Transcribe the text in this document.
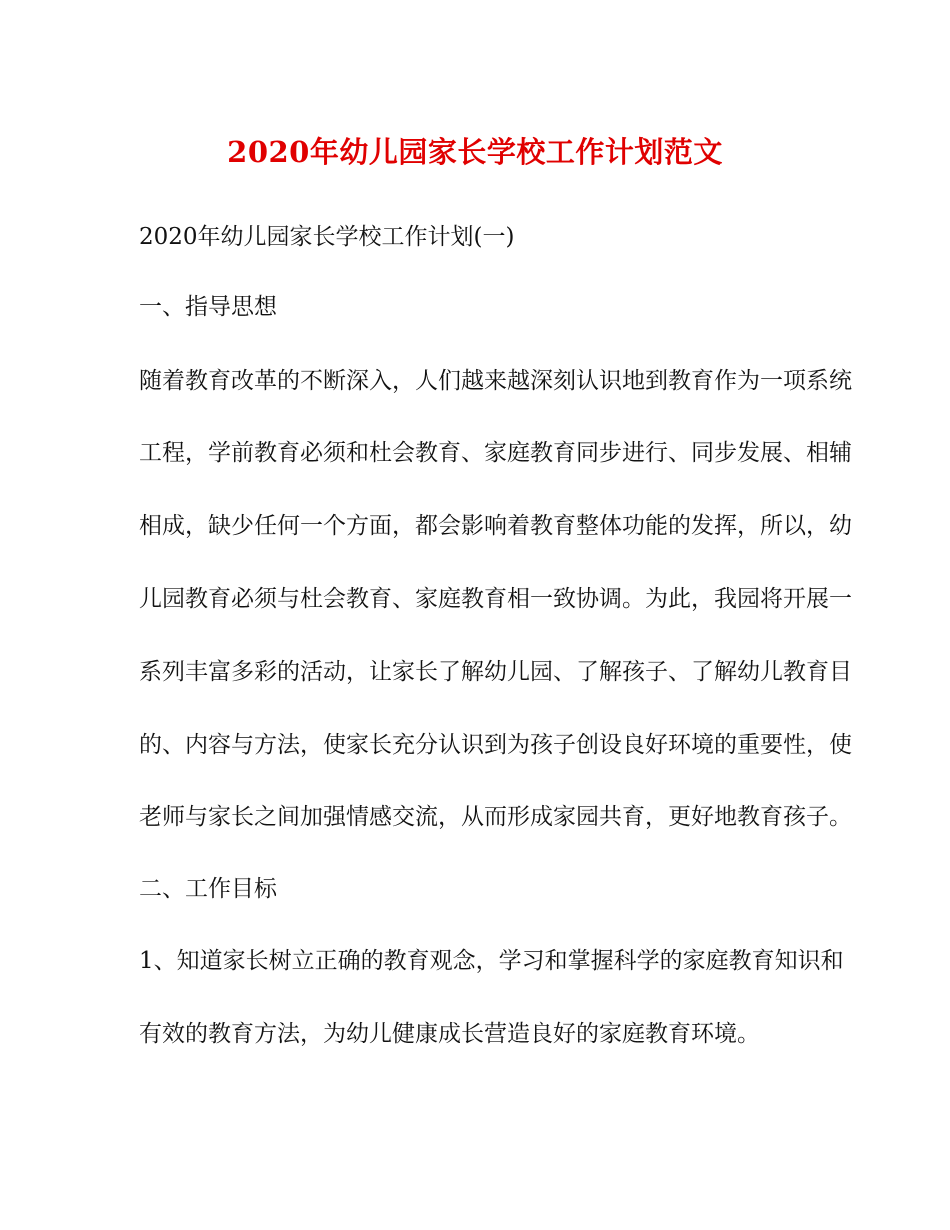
2020年幼儿园家长学校工作计划范文

2020年幼儿园家长学校工作计划(一)

一、指导思想

随着教育改革的不断深入，人们越来越深刻认识地到教育作为一项系统

工程，学前教育必须和杜会教育、家庭教育同步进行、同步发展、相辅

相成，缺少任何一个方面，都会影响着教育整体功能的发挥，所以，幼

儿园教育必须与杜会教育、家庭教育相一致协调。为此，我园将开展一

系列丰富多彩的活动，让家长了解幼儿园、了解孩子、了解幼儿教育目

的、内容与方法，使家长充分认识到为孩子创设良好环境的重要性，使

老师与家长之间加强情感交流，从而形成家园共育，更好地教育孩子。

二、工作目标

1、知道家长树立正确的教育观念，学习和掌握科学的家庭教育知识和

有效的教育方法，为幼儿健康成长营造良好的家庭教育环境。
